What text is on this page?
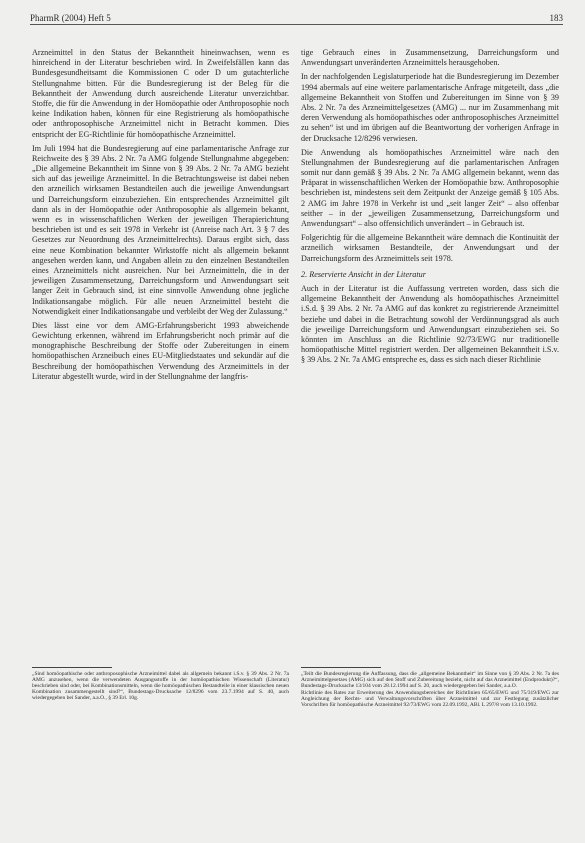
PharmR (2004) Heft 5	183

Arzneimittel in den Status der Bekanntheit hineinwachsen, wenn es hinreichend in der Literatur beschrieben wird. In Zweifelsfällen kann das Bundesgesundheitsamt die Kommissionen C oder D um gutachterliche Stellungnahme bitten. Für die Bundesregierung ist der Beleg für die Bekanntheit der Anwendung durch ausreichende Literatur unverzichtbar. Stoffe, die für die Anwendung in der Homöopathie oder Anthroposophie noch keine Indikation haben, können für eine Registrierung als homöopathische oder anthroposophische Arzneimittel nicht in Betracht kommen. Dies entspricht der EG-Richtlinie für homöopathische Arzneimittel.

Im Juli 1994 hat die Bundesregierung auf eine parlamentarische Anfrage zur Reichweite des § 39 Abs. 2 Nr. 7a AMG folgende Stellungnahme abgegeben: „Die allgemeine Bekanntheit im Sinne von § 39 Abs. 2 Nr. 7a AMG bezieht sich auf das jeweilige Arzneimittel. In die Betrachtungsweise ist dabei neben den arzneilich wirksamen Bestandteilen auch die jeweilige Anwendungsart und Darreichungsform einzubeziehen. Ein entsprechendes Arzneimittel gilt dann als in der Homöopathie oder Anthroposophie als allgemein bekannt, wenn es in wissenschaftlichen Werken der jeweiligen Therapierichtung beschrieben ist und es seit 1978 in Verkehr ist (Anreise nach Art. 3 § 7 des Gesetzes zur Neuordnung des Arzneimittelrechts). Daraus ergibt sich, dass eine neue Kombination bekannter Wirkstoffe nicht als allgemein bekannt angesehen werden kann, und Angaben allein zu den einzelnen Bestandteilen eines Arzneimittels nicht ausreichen. Nur bei Arzneimitteln, die in der jeweiligen Zusammensetzung, Darreichungsform und Anwendungsart seit langer Zeit in Gebrauch sind, ist eine sinnvolle Anwendung ohne jegliche Indikationsangabe möglich. Für alle neuen Arzneimittel besteht die Notwendigkeit einer Indikationsangabe und verbleibt der Weg der Zulassung.“

Dies lässt eine vor dem AMG-Erfahrungsbericht 1993 abweichende Gewichtung erkennen, während im Erfahrungsbericht noch primär auf die monographische Beschreibung der Stoffe oder Zubereitungen in einem homöopathischen Arzneibuch eines EU-Mitgliedstaates und sekundär auf die Beschreibung der homöopathischen Verwendung des Arzneimittels in der Literatur abgestellt wurde, wird in der Stellungnahme der langfris-

tige Gebrauch eines in Zusammensetzung, Darreichungsform und Anwendungsart unveränderten Arzneimittels herausgehoben.

In der nachfolgenden Legislaturperiode hat die Bundesregierung im Dezember 1994 abermals auf eine weitere parlamentarische Anfrage mitgeteilt, dass „die allgemeine Bekanntheit von Stoffen und Zubereitungen im Sinne von § 39 Abs. 2 Nr. 7a des Arzneimittelgesetzes (AMG) ... nur im Zusammenhang mit deren Verwendung als homöopathisches oder anthroposophisches Arzneimittel zu sehen“ ist und im übrigen auf die Beantwortung der vorherigen Anfrage in der Drucksache 12/8296 verwiesen.

Die Anwendung als homöopathisches Arzneimittel wäre nach den Stellungnahmen der Bundesregierung auf die parlamentarischen Anfragen somit nur dann gemäß § 39 Abs. 2 Nr. 7a AMG allgemein bekannt, wenn das Präparat in wissenschaftlichen Werken der Homöopathie bzw. Anthroposophie beschrieben ist, mindestens seit dem Zeitpunkt der Anzeige gemäß § 105 Abs. 2 AMG im Jahre 1978 in Verkehr ist und „seit langer Zeit“ – also offenbar seither – in der „jeweiligen Zusammensetzung, Darreichungsform und Anwendungsart“ – also offensichtlich unverändert – in Gebrauch ist.

Folgerichtig für die allgemeine Bekanntheit wäre demnach die Kontinuität der arzneilich wirksamen Bestandteile, der Anwendungsart und der Darreichungsform des Arzneimittels seit 1978.

2. Reservierte Ansicht in der Literatur

Auch in der Literatur ist die Auffassung vertreten worden, dass sich die allgemeine Bekanntheit der Anwendung als homöopathisches Arzneimittel i.S.d. § 39 Abs. 2 Nr. 7a AMG auf das konkret zu registrierende Arzneimittel beziehe und dabei in die Betrachtung sowohl der Verdünnungsgrad als auch die jeweilige Darreichungsform und Anwendungsart einzubeziehen sei. So könnten im Anschluss an die Richtlinie 92/73/EWG nur traditionelle homöopathische Mittel registriert werden. Der allgemeinen Bekanntheit i.S.v. § 39 Abs. 2 Nr. 7a AMG entspreche es, dass es sich nach dieser Richtlinie

„Sind homöopathische oder anthroposophische Arzneimittel dabei als allgemein bekannt i.S.v. § 39 Abs. 2 Nr. 7a AMG anzusehen, wenn die verwendeten Ausgangsstoffe in der homöopathischen Wissenschaft (Literatur) beschrieben sind oder, bei Kombinationsmitteln, wenn die homöopathischen Bestandteile in einer klassischen neuen Kombination zusammengestellt sind?“, Bundestags-Drucksache 12/8296 vom 23.7.1994 auf S. 40, auch wiedergegeben bei Sander, a.a.O., § 39 Erl. 10g.

„Teilt die Bundesregierung die Auffassung, dass die „allgemeine Bekanntheit“ im Sinne von § 39 Abs. 2 Nr. 7a des Arzneimittelgesetzes (AMG) sich auf den Stoff und Zubereitung bezieht, nicht auf das Arzneimittel (Endprodukt)?“, Bundestags-Drucksache 13/104 vom 28.12.1994 auf S. 20, auch wiedergegeben bei Sander, a.a.O.

Richtlinie des Rates zur Erweiterung des Anwendungsbereiches der Richtlinien 65/65/EWG und 75/319/EWG zur Angleichung der Rechts- und Verwaltungsvorschriften über Arzneimittel und zur Festlegung zusätzlicher Vorschriften für homöopathische Arzneimittel 92/73/EWG vom 22.09.1992, ABl. L 297/8 vom 13.10.1992.
